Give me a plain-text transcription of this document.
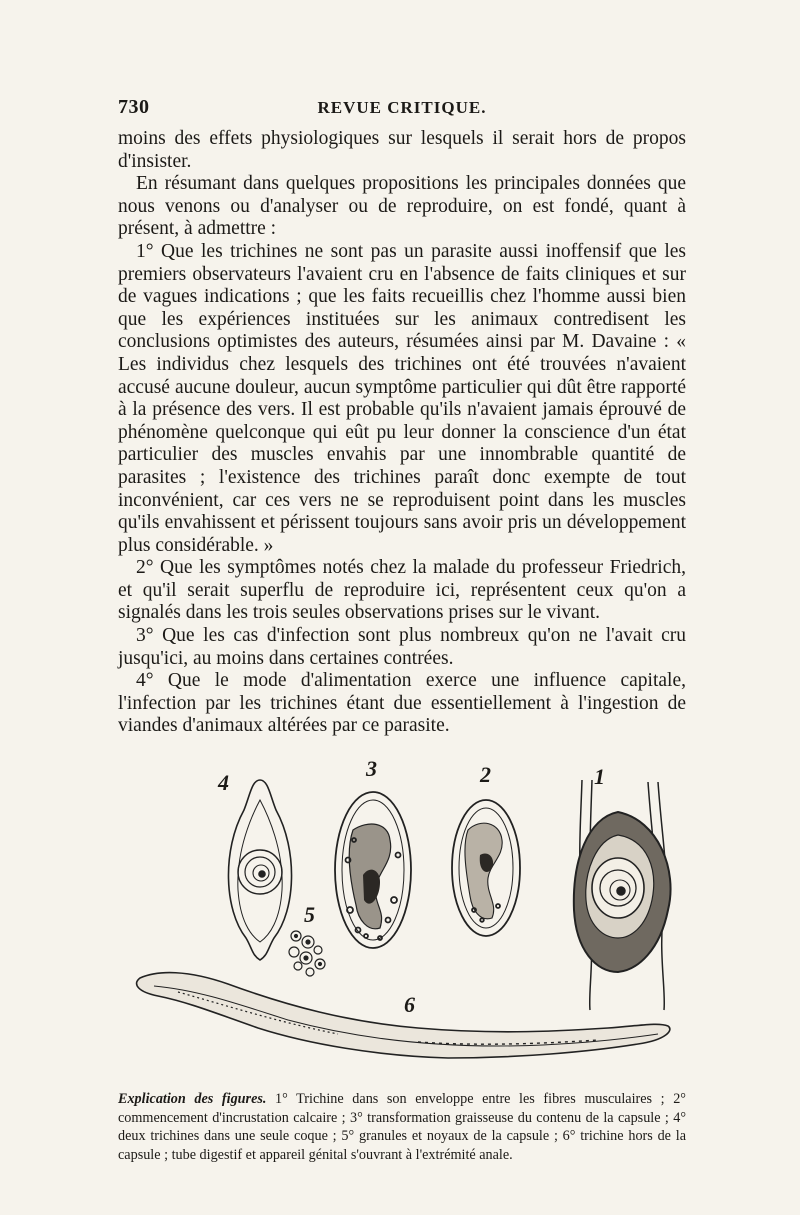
730	REVUE CRITIQUE.

moins des effets physiologiques sur lesquels il serait hors de propos d'insister.

En résumant dans quelques propositions les principales données que nous venons ou d'analyser ou de reproduire, on est fondé, quant à présent, à admettre :

1° Que les trichines ne sont pas un parasite aussi inoffensif que les premiers observateurs l'avaient cru en l'absence de faits cliniques et sur de vagues indications ; que les faits recueillis chez l'homme aussi bien que les expériences instituées sur les animaux contredisent les conclusions optimistes des auteurs, résumées ainsi par M. Davaine : « Les individus chez lesquels des trichines ont été trouvées n'avaient accusé aucune douleur, aucun symptôme particulier qui dût être rapporté à la présence des vers. Il est probable qu'ils n'avaient jamais éprouvé de phénomène quelconque qui eût pu leur donner la conscience d'un état particulier des muscles envahis par une innombrable quantité de parasites ; l'existence des trichines paraît donc exempte de tout inconvénient, car ces vers ne se reproduisent point dans les muscles qu'ils envahissent et périssent toujours sans avoir pris un développement plus considérable. »

2° Que les symptômes notés chez la malade du professeur Friedrich, et qu'il serait superflu de reproduire ici, représentent ceux qu'on a signalés dans les trois seules observations prises sur le vivant.

3° Que les cas d'infection sont plus nombreux qu'on ne l'avait cru jusqu'ici, au moins dans certaines contrées.

4° Que le mode d'alimentation exerce une influence capitale, l'infection par les trichines étant due essentiellement à l'ingestion de viandes d'animaux altérées par ce parasite.

4
3	2	1
5
6
Explication des figures. 1° Trichine dans son enveloppe entre les fibres musculaires ; 2° commencement d'incrustation calcaire ; 3° transformation graisseuse du contenu de la capsule ; 4° deux trichines dans une seule coque ; 5° granules et noyaux de la capsule ; 6° trichine hors de la capsule ; tube digestif et appareil génital s'ouvrant à l'extrémité anale.
